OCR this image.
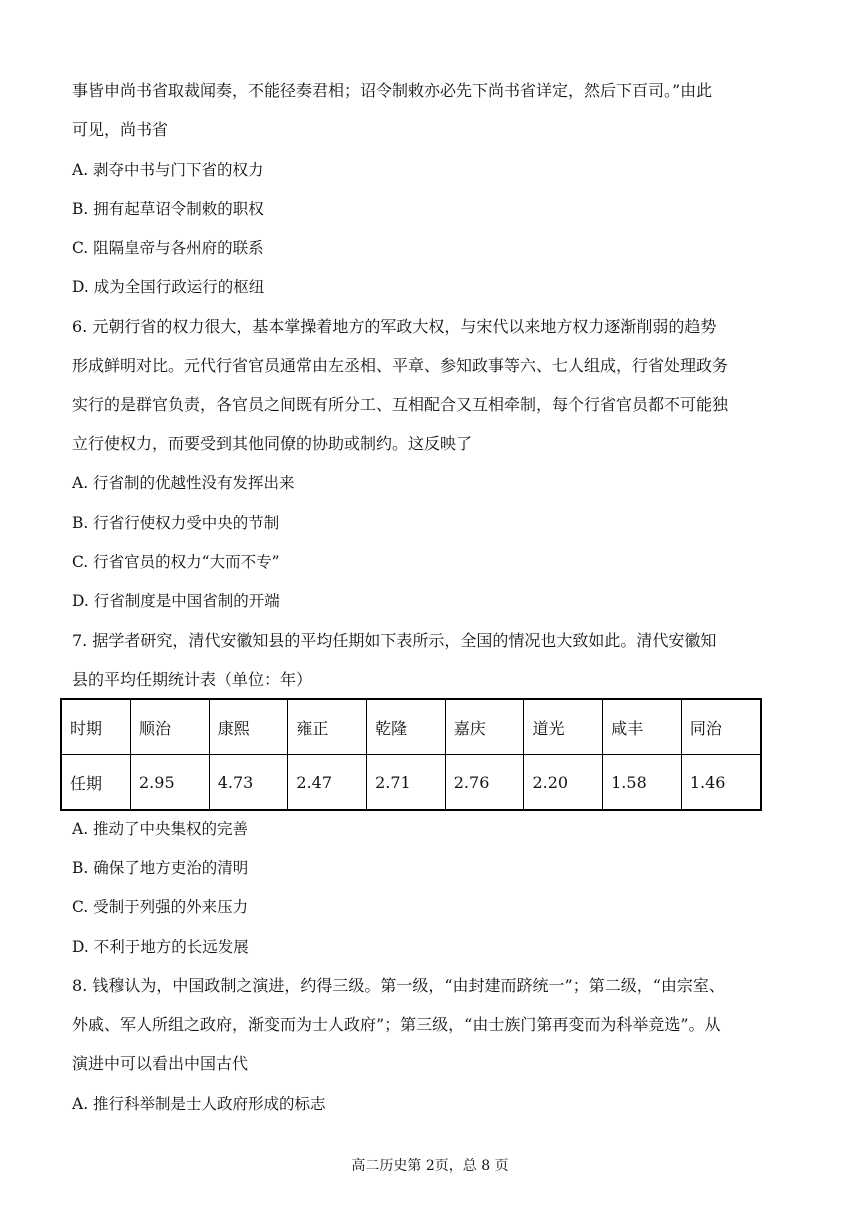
事皆申尚书省取裁闻奏，不能径奏君相；诏令制敕亦必先下尚书省详定，然后下百司。”由此
可见，尚书省
A. 剥夺中书与门下省的权力
B. 拥有起草诏令制敕的职权
C. 阻隔皇帝与各州府的联系
D. 成为全国行政运行的枢纽
6. 元朝行省的权力很大，基本掌操着地方的军政大权，与宋代以来地方权力逐渐削弱的趋势
形成鲜明对比。元代行省官员通常由左丞相、平章、参知政事等六、七人组成，行省处理政务
实行的是群官负责，各官员之间既有所分工、互相配合又互相牵制，每个行省官员都不可能独
立行使权力，而要受到其他同僚的协助或制约。这反映了
A. 行省制的优越性没有发挥出来
B. 行省行使权力受中央的节制
C. 行省官员的权力“大而不专”
D. 行省制度是中国省制的开端
7. 据学者研究，清代安徽知县的平均任期如下表所示，全国的情况也大致如此。清代安徽知
县的平均任期统计表（单位：年）
时期	顺治	康熙	雍正	乾隆	嘉庆	道光	咸丰	同治
任期	2.95	4.73	2.47	2.71	2.76	2.20	1.58	1.46
A. 推动了中央集权的完善
B. 确保了地方吏治的清明
C. 受制于列强的外来压力
D. 不利于地方的长远发展
8. 钱穆认为，中国政制之演进，约得三级。第一级，“由封建而跻统一”；第二级，“由宗室、
外戚、军人所组之政府，渐变而为士人政府”；第三级，“由士族门第再变而为科举竞选”。从
演进中可以看出中国古代
A. 推行科举制是士人政府形成的标志
高二历史第 2页，总 8 页
